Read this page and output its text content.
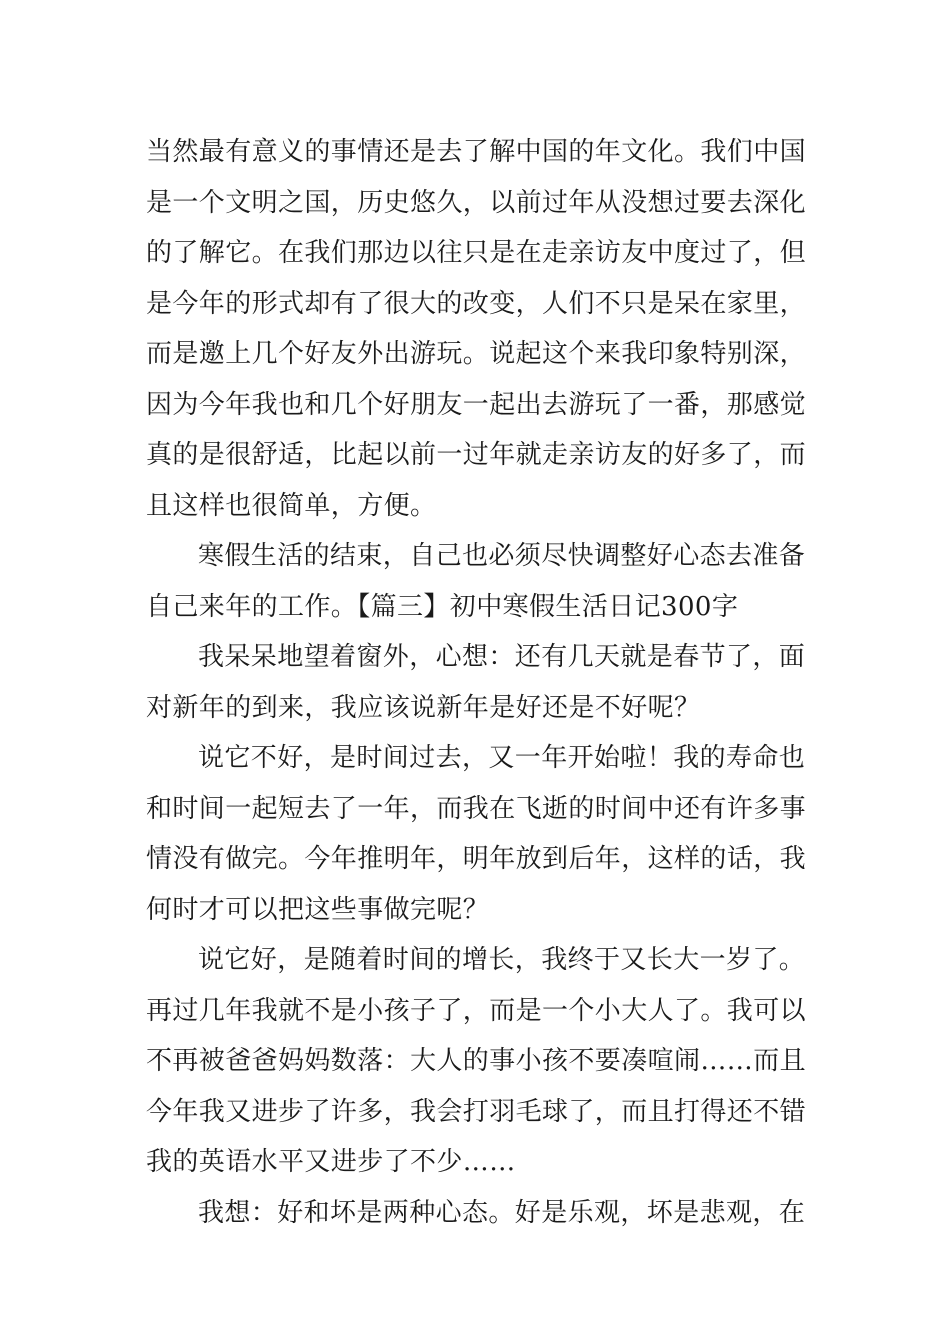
当然最有意义的事情还是去了解中国的年文化。我们中国
是一个文明之国，历史悠久，以前过年从没想过要去深化
的了解它。在我们那边以往只是在走亲访友中度过了，但
是今年的形式却有了很大的改变，人们不只是呆在家里，
而是邀上几个好友外出游玩。说起这个来我印象特别深，
因为今年我也和几个好朋友一起出去游玩了一番，那感觉
真的是很舒适，比起以前一过年就走亲访友的好多了，而
且这样也很简单，方便。
寒假生活的结束，自己也必须尽快调整好心态去准备
自己来年的工作。【篇三】初中寒假生活日记300字
我呆呆地望着窗外，心想：还有几天就是春节了，面
对新年的到来，我应该说新年是好还是不好呢？
说它不好，是时间过去，又一年开始啦！我的寿命也
和时间一起短去了一年，而我在飞逝的时间中还有许多事
情没有做完。今年推明年，明年放到后年，这样的话，我
何时才可以把这些事做完呢？
说它好，是随着时间的增长，我终于又长大一岁了。
再过几年我就不是小孩子了，而是一个小大人了。我可以
不再被爸爸妈妈数落：大人的事小孩不要凑喧闹……而且
今年我又进步了许多，我会打羽毛球了，而且打得还不错
我的英语水平又进步了不少……
我想：好和坏是两种心态。好是乐观，坏是悲观，在
